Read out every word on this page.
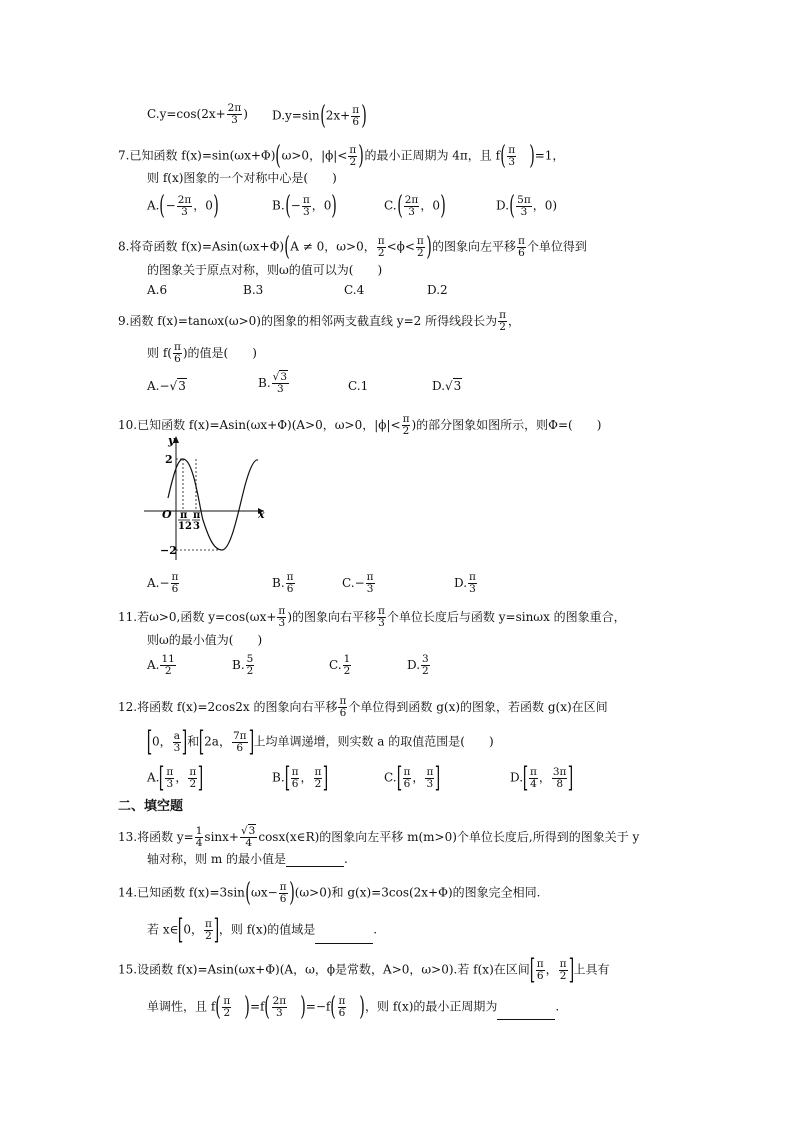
$C.y=\cos(2x+ \frac{2\pi}{3}$ ) $D.y=\sin(2x+ \frac{\pi}{6}$ )
7.已知函数 f(x)=sin(ωx+Φ)(ω>0，$|\phi|< \frac{\pi}{2}$ )的最小正周期为 4π，且 $f( \frac{\pi}{3} )=1$，
则 f(x)图象的一个对称中心是(　　)
$A.(- \frac{2\pi}{3}$ ，0)	$B.(- \frac{\pi}{3}$ ，0)	$C.( \frac{2\pi}{3}$ ，0)	$D.( \frac{5\pi}{3}$ ，0)
8.将奇函数 f(x)=Asin(ωx+Φ)(A ≠ 0，ω>0， $\frac{\pi}{2} <\phi< \frac{\pi}{2}$ )的图象向左平移 $\frac{\pi}{6}$ 个单位得到
的图象关于原点对称，则ω的值可以为(　　)
A.6	B.3	C.4	D.2
9.函数 f(x)=tanωx(ω>0)的图象的相邻两支截直线 y=2 所得线段长为 $\frac{\pi}{2}$ ，
则 $f( \frac{\pi}{6}$ )的值是(　　)
A.−√3	B. $\frac{√3}{3}$	C.1	D.√3
10.已知函数 f(x)=Asin(ωx+Φ)(A>0，ω>0，$|\phi|< \frac{\pi}{2}$ )的部分图象如图所示，则Φ=(　　)
y
x
O
2
−2
π
12
π
3
$A.- \frac{\pi}{6}$	B. $\frac{\pi}{6}$	$C.- \frac{\pi}{3}$	D. $\frac{\pi}{3}$
11.若ω>0,函数 $y=\cos(\omega x+ \frac{\pi}{3}$ )的图象向右平移 $\frac{\pi}{3}$ 个单位长度后与函数 y=sinωx 的图象重合，
则ω的最小值为(　　)
A. $\frac{11}{2}$	B. $\frac{5}{2}$	C. $\frac{1}{2}$	D. $\frac{3}{2}$
12.将函数 f(x)=2cos2x 的图象向右平移 $\frac{\pi}{6}$ 个单位得到函数 g(x)的图象，若函数 g(x)在区间
[0， $\frac{a}{3}$ ]和[2a， $\frac{7\pi}{6}$ ]上均单调递增，则实数 a 的取值范围是(　　)
$A.[ \frac{\pi}{3}$ ， $\frac{\pi}{2}$ ]	$B.[ \frac{\pi}{6}$ ， $\frac{\pi}{2}$ ]	$C.[ \frac{\pi}{6}$ ， $\frac{\pi}{3}$ ]	$D.[ \frac{\pi}{4}$ ， $\frac{3\pi}{8}$ ]
二、填空题
13.将函数 $y= \frac{1}{4} \sin x+ \frac{√3}{4}$ cosx(x∈R)的图象向左平移 m(m>0)个单位长度后,所得到的图象关于 y
轴对称，则 m 的最小值是	.
14.已知函数 $f(x)=3\sin(\omega x- \frac{\pi}{6} )(\omega>0)$和 g(x)=3cos(2x+Φ)的图象完全相同.
若 x∈[0， $\frac{\pi}{2}$ ]，则 f(x)的值域是	.
15.设函数 f(x)=Asin(ωx+Φ)(A，ω，ϕ是常数，A>0，ω>0).若 f(x)在区间[ $\frac{\pi}{6}$ ， $\frac{\pi}{2}$ ]上具有
单调性，且 $f( \frac{\pi}{2} )=f( \frac{2\pi}{3} )=-f( \frac{\pi}{6}$ )，则 f(x)的最小正周期为	.
